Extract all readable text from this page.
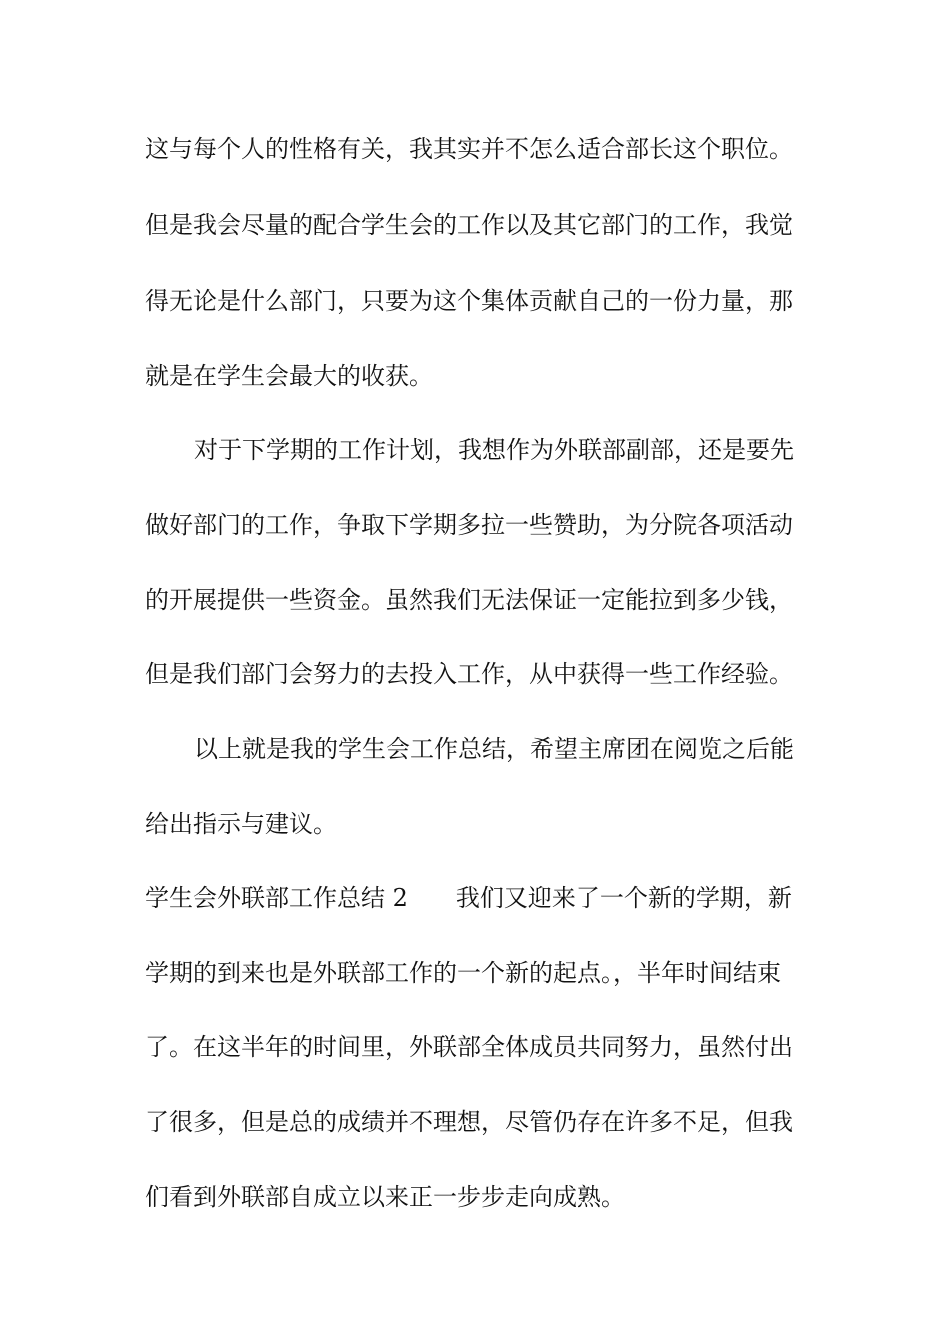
这与每个人的性格有关，我其实并不怎么适合部长这个职位。
但是我会尽量的配合学生会的工作以及其它部门的工作，我觉
得无论是什么部门，只要为这个集体贡献自己的一份力量，那
就是在学生会最大的收获。
对于下学期的工作计划，我想作为外联部副部，还是要先
做好部门的工作，争取下学期多拉一些赞助，为分院各项活动
的开展提供一些资金。虽然我们无法保证一定能拉到多少钱，
但是我们部门会努力的去投入工作，从中获得一些工作经验。
以上就是我的学生会工作总结，希望主席团在阅览之后能
给出指示与建议。
学生会外联部工作总结 2　　我们又迎来了一个新的学期，新
学期的到来也是外联部工作的一个新的起点。，半年时间结束
了。在这半年的时间里，外联部全体成员共同努力，虽然付出
了很多，但是总的成绩并不理想，尽管仍存在许多不足，但我
们看到外联部自成立以来正一步步走向成熟。
